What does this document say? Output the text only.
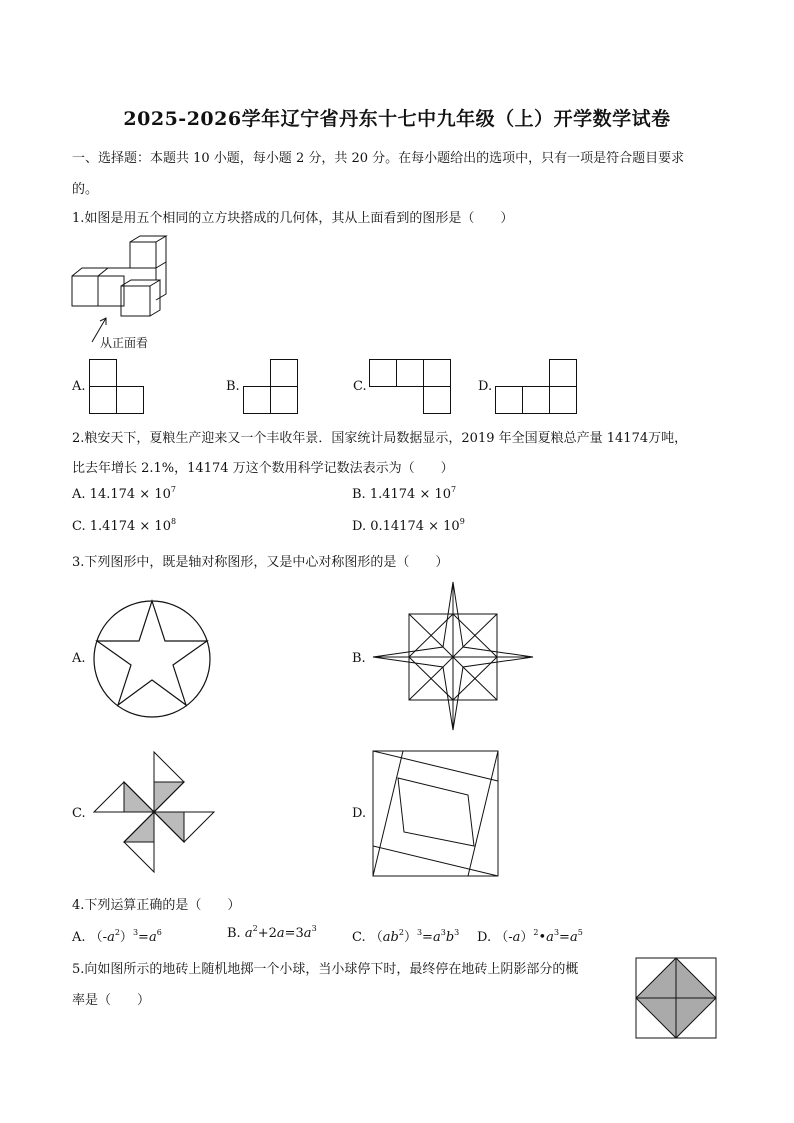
2025-2026学年辽宁省丹东十七中九年级（上）开学数学试卷
一、选择题：本题共 10 小题，每小题 2 分，共 20 分。在每小题给出的选项中，只有一项是符合题目要求
的。
1.如图是用五个相同的立方块搭成的几何体，其从上面看到的图形是（　　）
从正面看
A.	B.	C.	D.
2.粮安天下，夏粮生产迎来又一个丰收年景．国家统计局数据显示，2019 年全国夏粮总产量 14174万吨，
比去年增长 2.1%，14174 万这个数用科学记数法表示为（　　）
A. $14.174 \times 10^7$	B. $1.4174 \times 10^7$
C. $1.4174 \times 10^8$	D. $0.14174 \times 10^9$
3.下列图形中，既是轴对称图形，又是中心对称图形的是（　　）
A.	B.
C.	D.
4.下列运算正确的是（　　）
A. $(-a^2)^3=a^6$	B. $a^2+2a=3a^3$
C. $(ab^2)^3=a^3b^3$ D. $(-a)^2•a^3=a^5$
5.向如图所示的地砖上随机地掷一个小球，当小球停下时，最终停在地砖上阴影部分的概
率是（　　）
